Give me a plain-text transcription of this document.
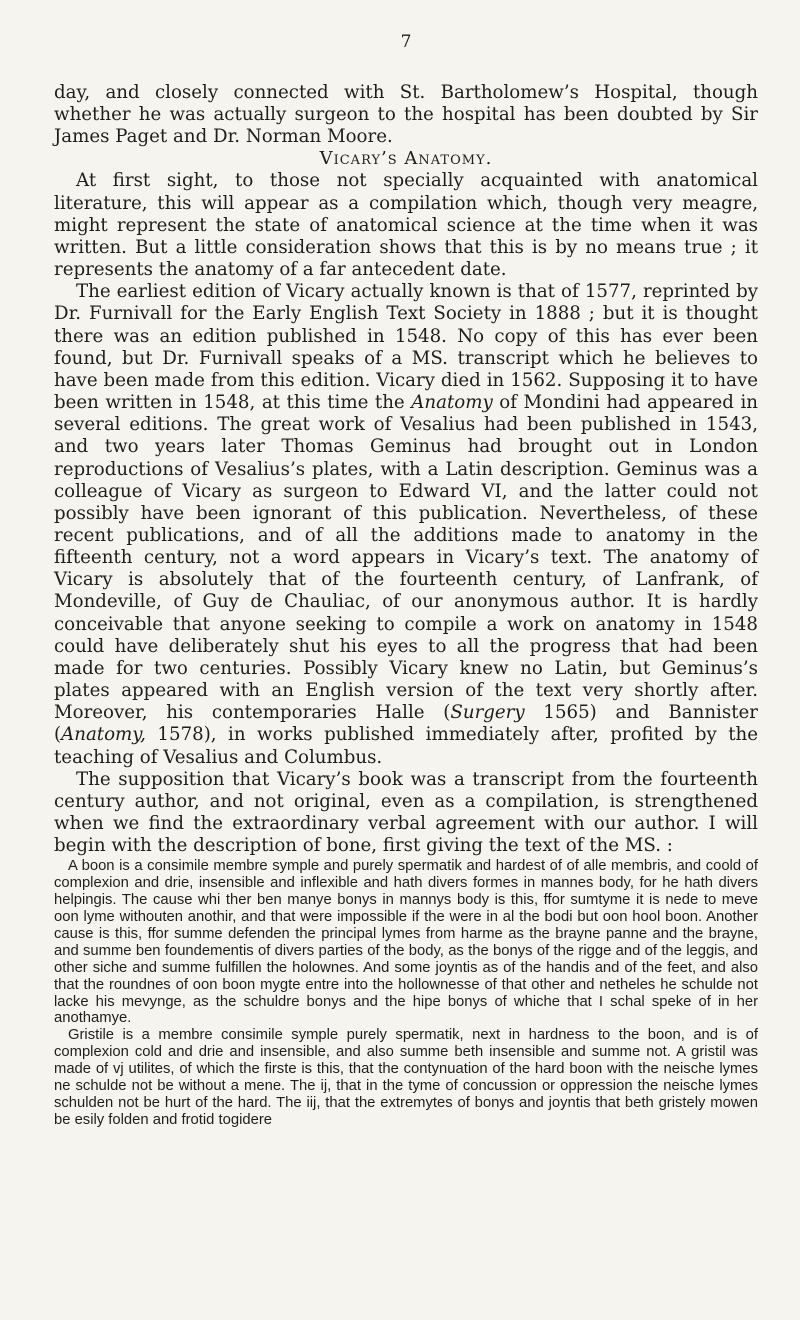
7

day, and closely connected with St. Bartholomew’s Hospital, though whether he was actually surgeon to the hospital has been doubted by Sir James Paget and Dr. Norman Moore.

Vicary’s Anatomy.

At first sight, to those not specially acquainted with anatomical literature, this will appear as a compilation which, though very meagre, might represent the state of anatomical science at the time when it was written. But a little consideration shows that this is by no means true ; it represents the anatomy of a far antecedent date.

The earliest edition of Vicary actually known is that of 1577, reprinted by Dr. Furnivall for the Early English Text Society in 1888 ; but it is thought there was an edition published in 1548. No copy of this has ever been found, but Dr. Furnivall speaks of a MS. transcript which he believes to have been made from this edition. Vicary died in 1562. Supposing it to have been written in 1548, at this time the Anatomy of Mondini had appeared in several editions. The great work of Vesalius had been published in 1543, and two years later Thomas Geminus had brought out in London reproductions of Vesalius’s plates, with a Latin description. Geminus was a colleague of Vicary as surgeon to Edward VI, and the latter could not possibly have been ignorant of this publication. Nevertheless, of these recent publications, and of all the additions made to anatomy in the fifteenth century, not a word appears in Vicary’s text. The anatomy of Vicary is absolutely that of the fourteenth century, of Lanfrank, of Mondeville, of Guy de Chauliac, of our anonymous author. It is hardly conceivable that anyone seeking to compile a work on anatomy in 1548 could have deliberately shut his eyes to all the progress that had been made for two centuries. Possibly Vicary knew no Latin, but Geminus’s plates appeared with an English version of the text very shortly after. Moreover, his contemporaries Halle (Surgery 1565) and Bannister (Anatomy, 1578), in works published immediately after, profited by the teaching of Vesalius and Columbus.

The supposition that Vicary’s book was a transcript from the fourteenth century author, and not original, even as a compilation, is strengthened when we find the extraordinary verbal agreement with our author. I will begin with the description of bone, first giving the text of the MS. :

A boon is a consimile membre symple and purely spermatik and hardest of of alle membris, and coold of complexion and drie, insensible and inflexible and hath divers formes in mannes body, for he hath divers helpingis. The cause whi ther ben manye bonys in mannys body is this, ffor sumtyme it is nede to meve oon lyme withouten anothir, and that were impossible if the were in al the bodi but oon hool boon. Another cause is this, ffor summe defenden the principal lymes from harme as the brayne panne and the brayne, and summe ben foundementis of divers parties of the body, as the bonys of the rigge and of the leggis, and other siche and summe fulfillen the holownes. And some joyntis as of the handis and of the feet, and also that the roundnes of oon boon mygte entre into the hollownesse of that other and netheles he schulde not lacke his mevynge, as the schuldre bonys and the hipe bonys of whiche that I schal speke of in her anothamye.

Gristile is a membre consimile symple purely spermatik, next in hardness to the boon, and is of complexion cold and drie and insensible, and also summe beth insensible and summe not. A gristil was made of vj utilites, of which the firste is this, that the contynuation of the hard boon with the neische lymes ne schulde not be without a mene. The ij, that in the tyme of concussion or oppression the neische lymes schulden not be hurt of the hard. The iij, that the extremytes of bonys and joyntis that beth gristely mowen be esily folden and frotid togidere
